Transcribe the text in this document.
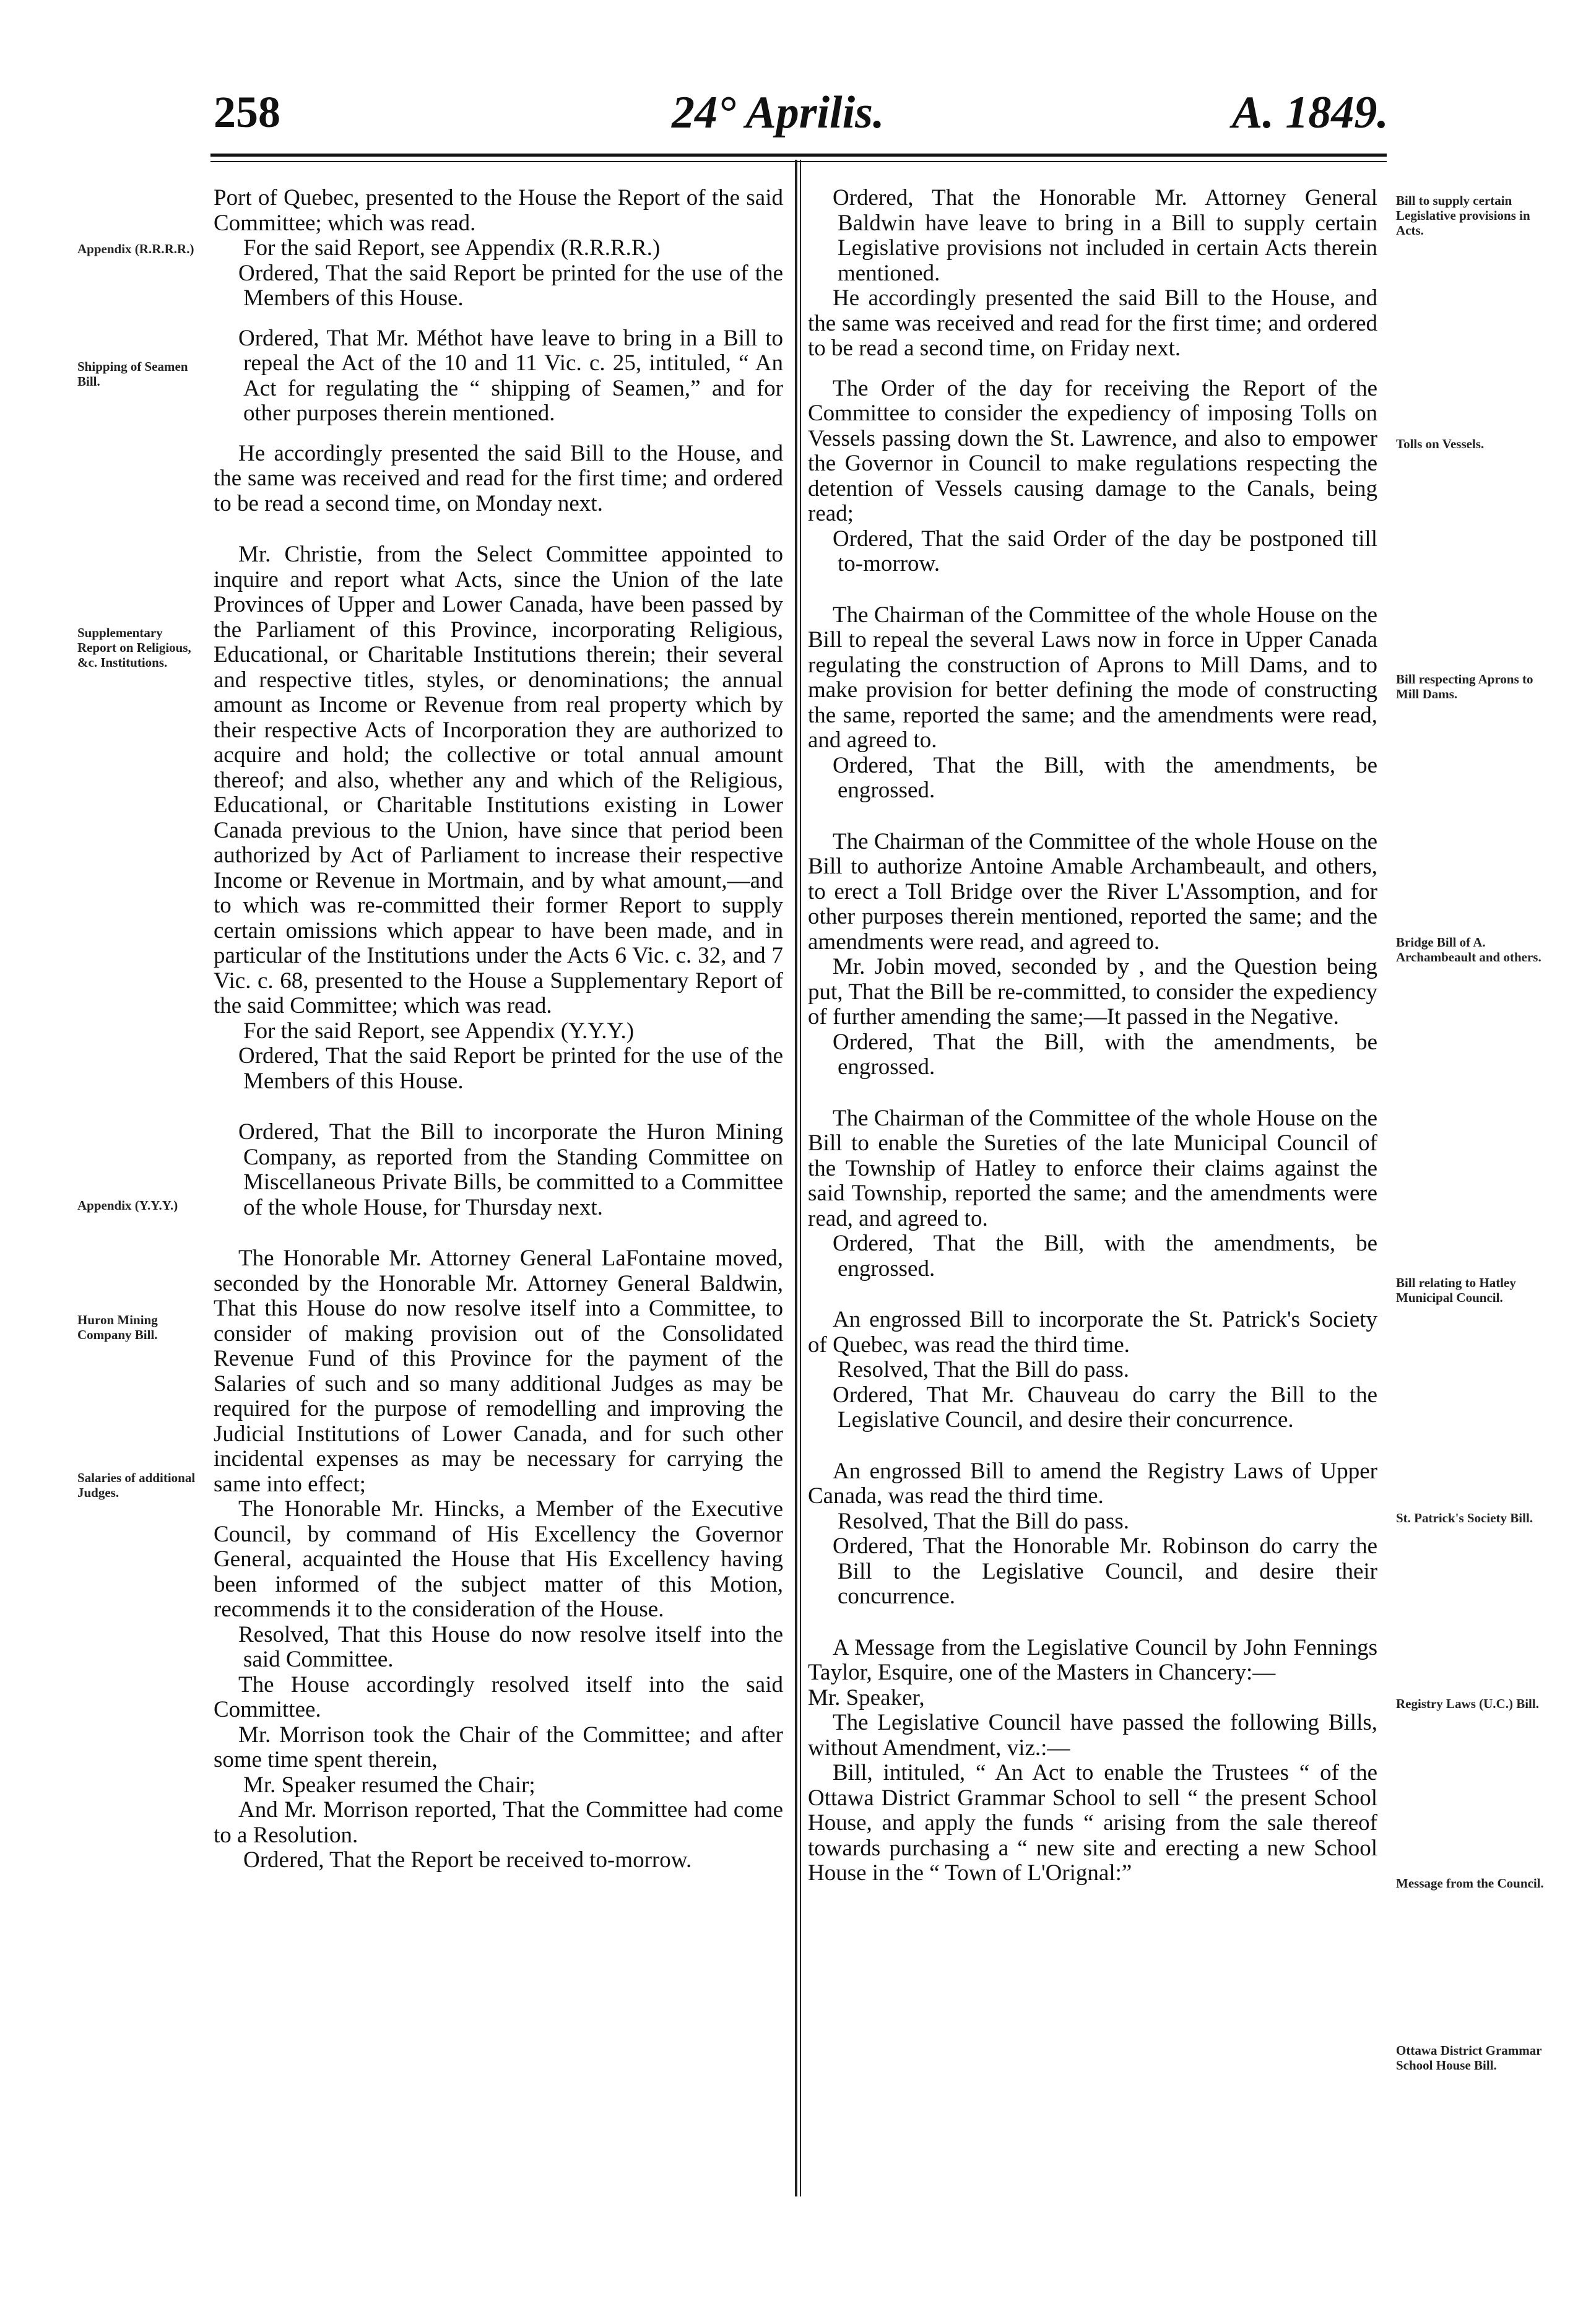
258	24° Aprilis.	A. 1849.
Appendix (R.R.R.R.)
Shipping of Seamen Bill.
Supplementary Report on Religious, &c. Institutions.
Appendix (Y.Y.Y.)
Huron Mining Company Bill.
Salaries of additional Judges.
Bill to supply certain Legislative provisions in Acts.
Tolls on Vessels.
Bill respecting Aprons to Mill Dams.
Bridge Bill of A. Archambeault and others.
Bill relating to Hatley Municipal Council.
St. Patrick's Society Bill.
Registry Laws (U.C.) Bill.
Message from the Council.
Ottawa District Grammar School House Bill.

Port of Quebec, presented to the House the Report of the said Committee; which was read.

For the said Report, see Appendix (R.R.R.R.)

Ordered, That the said Report be printed for the use of the Members of this House.

Ordered, That Mr. Méthot have leave to bring in a Bill to repeal the Act of the 10 and 11 Vic. c. 25, intituled, “ An Act for regulating the “ shipping of Seamen,” and for other purposes therein mentioned.

He accordingly presented the said Bill to the House, and the same was received and read for the first time; and ordered to be read a second time, on Monday next.

Mr. Christie, from the Select Committee appointed to inquire and report what Acts, since the Union of the late Provinces of Upper and Lower Canada, have been passed by the Parliament of this Province, incorporating Religious, Educational, or Charitable Institutions therein; their several and respective titles, styles, or denominations; the annual amount as Income or Revenue from real property which by their respective Acts of Incorporation they are authorized to acquire and hold; the collective or total annual amount thereof; and also, whether any and which of the Religious, Educational, or Charitable Institutions existing in Lower Canada previous to the Union, have since that period been authorized by Act of Parliament to increase their respective Income or Revenue in Mortmain, and by what amount,—and to which was re-committed their former Report to supply certain omissions which appear to have been made, and in particular of the Institutions under the Acts 6 Vic. c. 32, and 7 Vic. c. 68, presented to the House a Supplementary Report of the said Committee; which was read.

For the said Report, see Appendix (Y.Y.Y.)

Ordered, That the said Report be printed for the use of the Members of this House.

Ordered, That the Bill to incorporate the Huron Mining Company, as reported from the Standing Committee on Miscellaneous Private Bills, be committed to a Committee of the whole House, for Thursday next.

The Honorable Mr. Attorney General LaFontaine moved, seconded by the Honorable Mr. Attorney General Baldwin, That this House do now resolve itself into a Committee, to consider of making provision out of the Consolidated Revenue Fund of this Province for the payment of the Salaries of such and so many additional Judges as may be required for the purpose of remodelling and improving the Judicial Institutions of Lower Canada, and for such other incidental expenses as may be necessary for carrying the same into effect;

The Honorable Mr. Hincks, a Member of the Executive Council, by command of His Excellency the Governor General, acquainted the House that His Excellency having been informed of the subject matter of this Motion, recommends it to the consideration of the House.

Resolved, That this House do now resolve itself into the said Committee.

The House accordingly resolved itself into the said Committee.

Mr. Morrison took the Chair of the Committee; and after some time spent therein,

Mr. Speaker resumed the Chair;

And Mr. Morrison reported, That the Committee had come to a Resolution.

Ordered, That the Report be received to-morrow.

Ordered, That the Honorable Mr. Attorney General Baldwin have leave to bring in a Bill to supply certain Legislative provisions not included in certain Acts therein mentioned.

He accordingly presented the said Bill to the House, and the same was received and read for the first time; and ordered to be read a second time, on Friday next.

The Order of the day for receiving the Report of the Committee to consider the expediency of imposing Tolls on Vessels passing down the St. Lawrence, and also to empower the Governor in Council to make regulations respecting the detention of Vessels causing damage to the Canals, being read;

Ordered, That the said Order of the day be postponed till to-morrow.

The Chairman of the Committee of the whole House on the Bill to repeal the several Laws now in force in Upper Canada regulating the construction of Aprons to Mill Dams, and to make provision for better defining the mode of constructing the same, reported the same; and the amendments were read, and agreed to.

Ordered, That the Bill, with the amendments, be engrossed.

The Chairman of the Committee of the whole House on the Bill to authorize Antoine Amable Archambeault, and others, to erect a Toll Bridge over the River L'Assomption, and for other purposes therein mentioned, reported the same; and the amendments were read, and agreed to.

Mr. Jobin moved, seconded by , and the Question being put, That the Bill be re-committed, to consider the expediency of further amending the same;—It passed in the Negative.

Ordered, That the Bill, with the amendments, be engrossed.

The Chairman of the Committee of the whole House on the Bill to enable the Sureties of the late Municipal Council of the Township of Hatley to enforce their claims against the said Township, reported the same; and the amendments were read, and agreed to.

Ordered, That the Bill, with the amendments, be engrossed.

An engrossed Bill to incorporate the St. Patrick's Society of Quebec, was read the third time.

Resolved, That the Bill do pass.

Ordered, That Mr. Chauveau do carry the Bill to the Legislative Council, and desire their concurrence.

An engrossed Bill to amend the Registry Laws of Upper Canada, was read the third time.

Resolved, That the Bill do pass.

Ordered, That the Honorable Mr. Robinson do carry the Bill to the Legislative Council, and desire their concurrence.

A Message from the Legislative Council by John Fennings Taylor, Esquire, one of the Masters in Chancery:—

Mr. Speaker,

The Legislative Council have passed the following Bills, without Amendment, viz.:—

Bill, intituled, “ An Act to enable the Trustees “ of the Ottawa District Grammar School to sell “ the present School House, and apply the funds “ arising from the sale thereof towards purchasing a “ new site and erecting a new School House in the “ Town of L'Orignal:”
